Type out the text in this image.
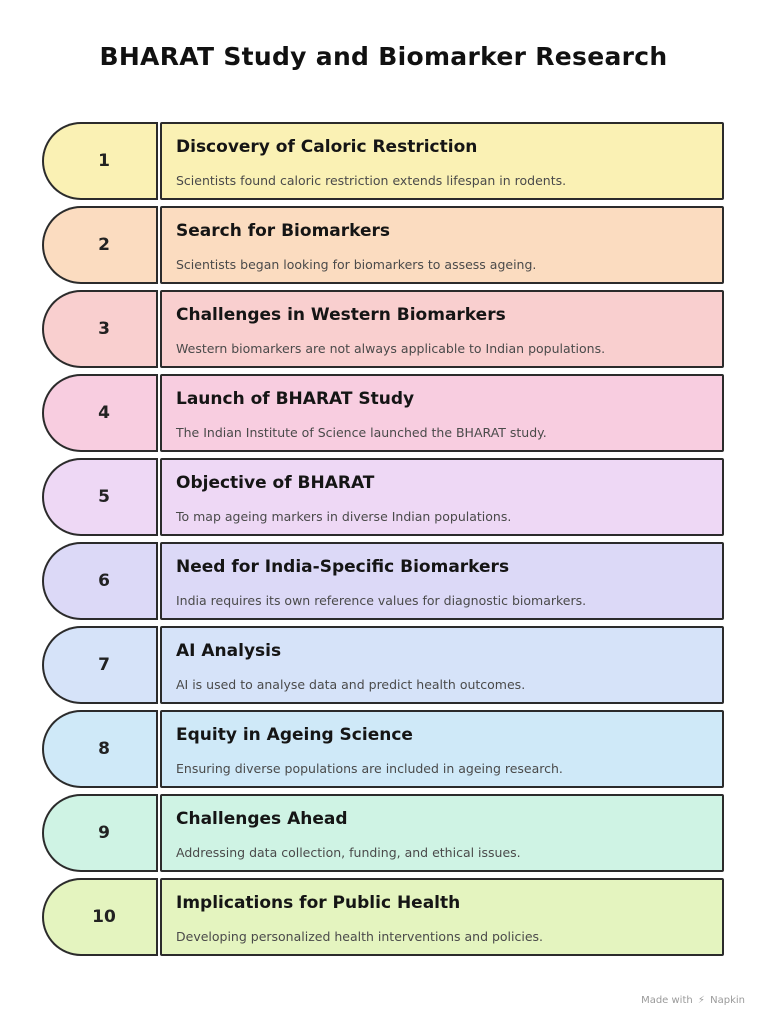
BHARAT Study and Biomarker Research
1
Discovery of Caloric Restriction
Scientists found caloric restriction extends lifespan in rodents.
2
Search for Biomarkers
Scientists began looking for biomarkers to assess ageing.
3
Challenges in Western Biomarkers
Western biomarkers are not always applicable to Indian populations.
4
Launch of BHARAT Study
The Indian Institute of Science launched the BHARAT study.
5
Objective of BHARAT
To map ageing markers in diverse Indian populations.
6
Need for India-Specific Biomarkers
India requires its own reference values for diagnostic biomarkers.
7
AI Analysis
AI is used to analyse data and predict health outcomes.
8
Equity in Ageing Science
Ensuring diverse populations are included in ageing research.
9
Challenges Ahead
Addressing data collection, funding, and ethical issues.
10
Implications for Public Health
Developing personalized health interventions and policies.
Made with ⚡ Napkin
